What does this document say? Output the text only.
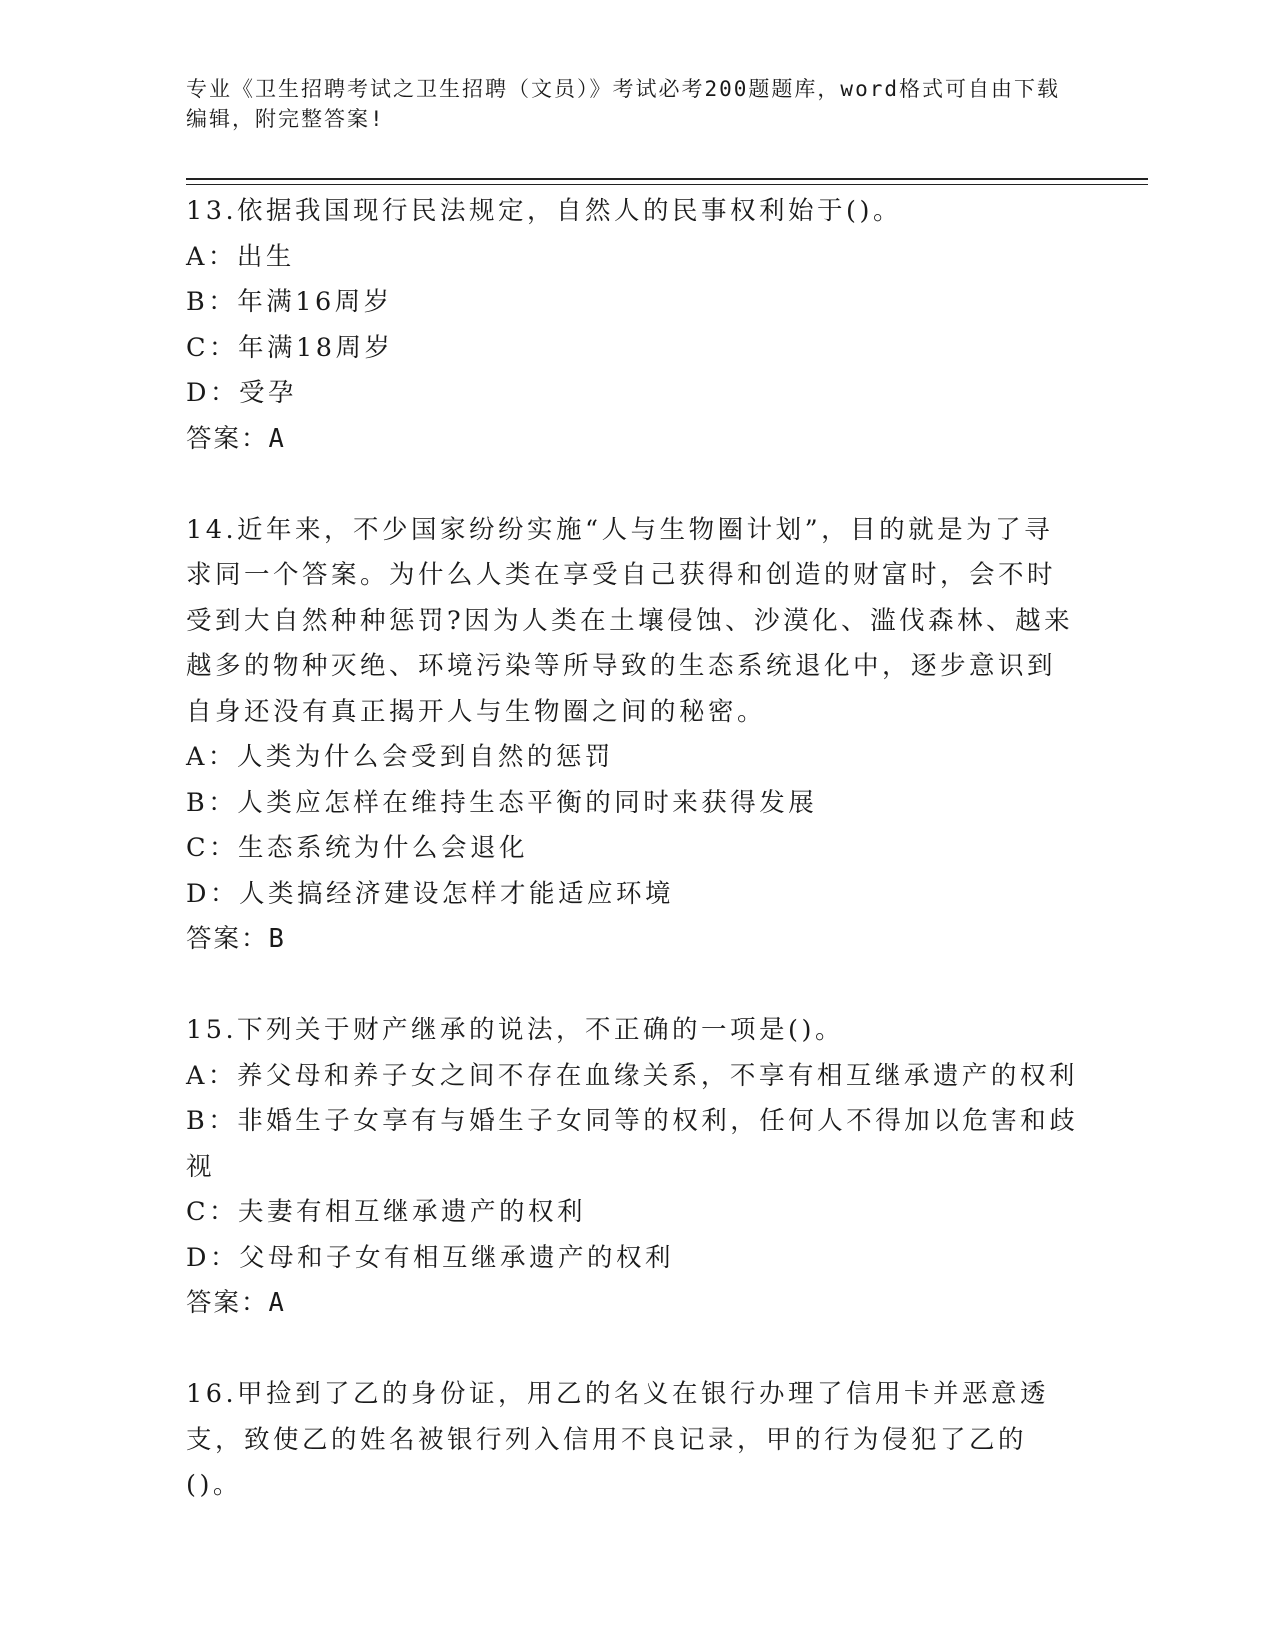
专业《卫生招聘考试之卫生招聘（文员）》考试必考200题题库，word格式可自由下载编辑，附完整答案!
13.依据我国现行民法规定，自然人的民事权利始于()。
A：出生
B：年满16周岁
C：年满18周岁
D：受孕
答案：A
14.近年来，不少国家纷纷实施“人与生物圈计划”，目的就是为了寻求同一个答案。为什么人类在享受自己获得和创造的财富时，会不时受到大自然种种惩罚?因为人类在土壤侵蚀、沙漠化、滥伐森林、越来越多的物种灭绝、环境污染等所导致的生态系统退化中，逐步意识到自身还没有真正揭开人与生物圈之间的秘密。
A：人类为什么会受到自然的惩罚
B：人类应怎样在维持生态平衡的同时来获得发展
C：生态系统为什么会退化
D：人类搞经济建设怎样才能适应环境
答案：B
15.下列关于财产继承的说法，不正确的一项是()。
A：养父母和养子女之间不存在血缘关系，不享有相互继承遗产的权利
B：非婚生子女享有与婚生子女同等的权利，任何人不得加以危害和歧视
C：夫妻有相互继承遗产的权利
D：父母和子女有相互继承遗产的权利
答案：A
16.甲捡到了乙的身份证，用乙的名义在银行办理了信用卡并恶意透支，致使乙的姓名被银行列入信用不良记录，甲的行为侵犯了乙的()。
